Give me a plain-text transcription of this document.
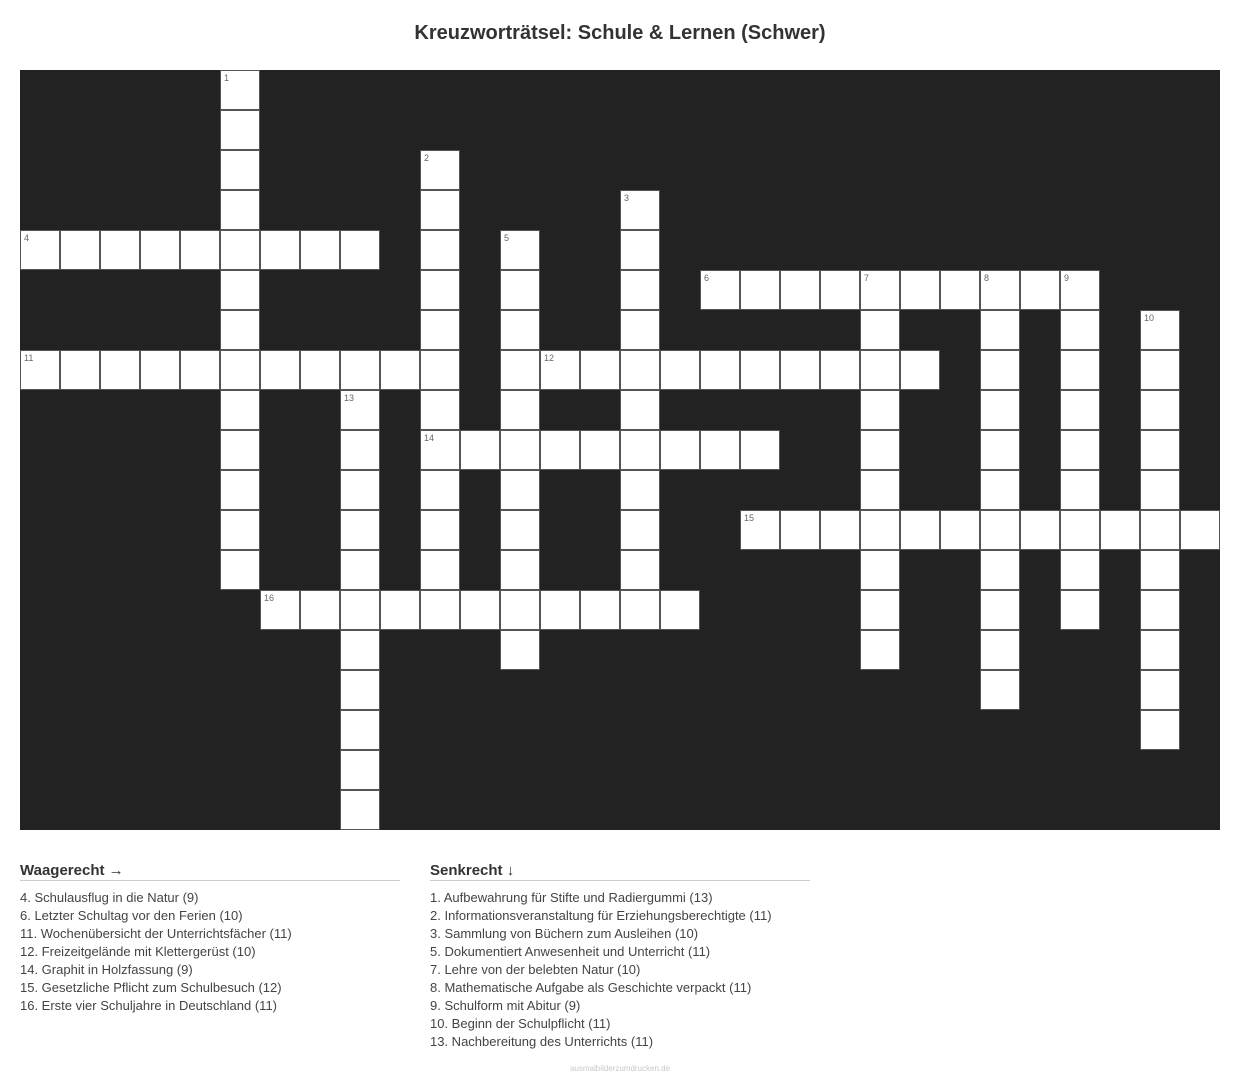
Kreuzworträtsel: Schule & Lernen (Schwer)
1
2
14
3
4	5
6	7	8	9
10
11	12
13
15
16
Waagerecht →
4. Schulausflug in die Natur (9)
6. Letzter Schultag vor den Ferien (10)
11. Wochenübersicht der Unterrichtsfächer (11)
12. Freizeitgelände mit Klettergerüst (10)
14. Graphit in Holzfassung (9)
15. Gesetzliche Pflicht zum Schulbesuch (12)
16. Erste vier Schuljahre in Deutschland (11)
Senkrecht ↓
1. Aufbewahrung für Stifte und Radiergummi (13)
2. Informationsveranstaltung für Erziehungsberechtigte (11)
3. Sammlung von Büchern zum Ausleihen (10)
5. Dokumentiert Anwesenheit und Unterricht (11)
7. Lehre von der belebten Natur (10)
8. Mathematische Aufgabe als Geschichte verpackt (11)
9. Schulform mit Abitur (9)
10. Beginn der Schulpflicht (11)
13. Nachbereitung des Unterrichts (11)
ausmalbilderzumdrucken.de
